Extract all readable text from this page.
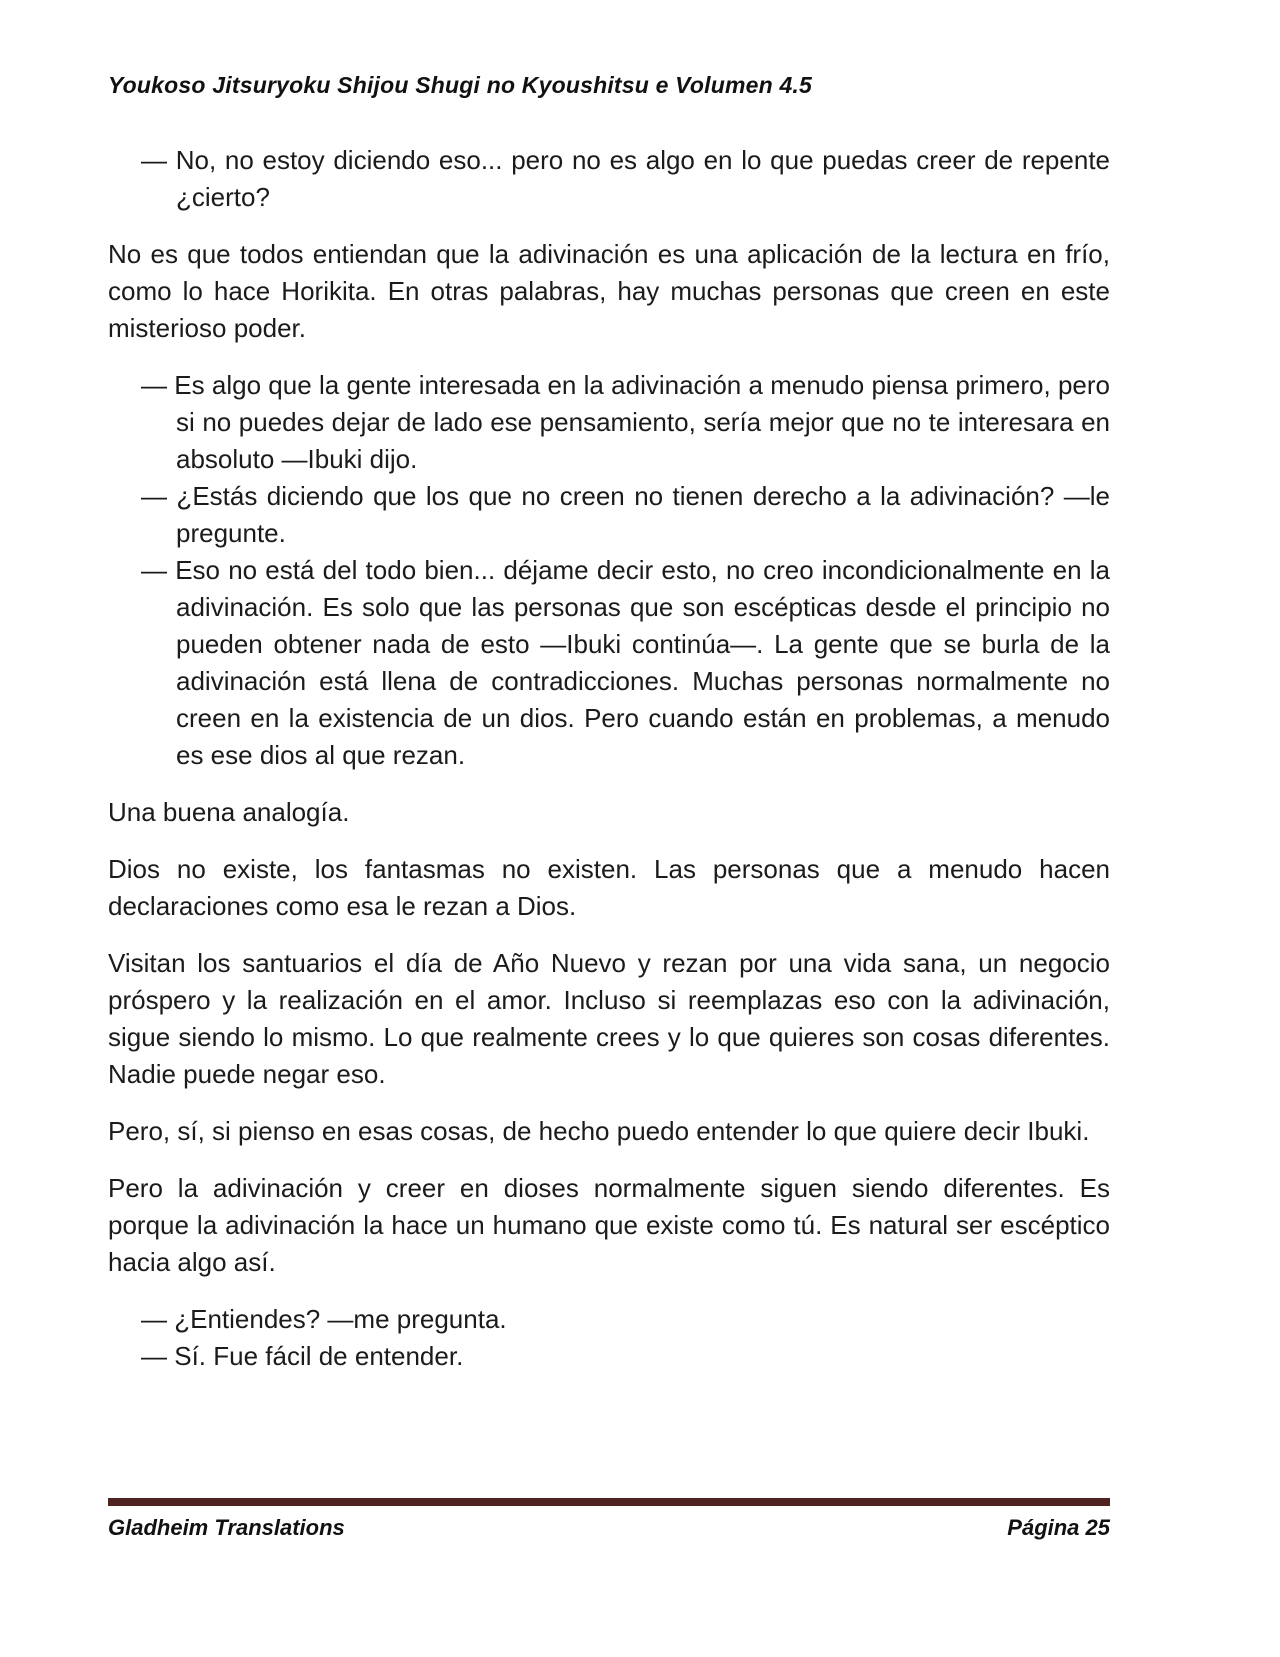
Youkoso Jitsuryoku Shijou Shugi no Kyoushitsu e Volumen 4.5

— No, no estoy diciendo eso... pero no es algo en lo que puedas creer de repente ¿cierto?

No es que todos entiendan que la adivinación es una aplicación de la lectura en frío, como lo hace Horikita. En otras palabras, hay muchas personas que creen en este misterioso poder.

— Es algo que la gente interesada en la adivinación a menudo piensa primero, pero si no puedes dejar de lado ese pensamiento, sería mejor que no te interesara en absoluto —Ibuki dijo.

— ¿Estás diciendo que los que no creen no tienen derecho a la adivinación? —le pregunte.

— Eso no está del todo bien... déjame decir esto, no creo incondicionalmente en la adivinación. Es solo que las personas que son escépticas desde el principio no pueden obtener nada de esto —Ibuki continúa—. La gente que se burla de la adivinación está llena de contradicciones. Muchas personas normalmente no creen en la existencia de un dios. Pero cuando están en problemas, a menudo es ese dios al que rezan.

Una buena analogía.

Dios no existe, los fantasmas no existen. Las personas que a menudo hacen declaraciones como esa le rezan a Dios.

Visitan los santuarios el día de Año Nuevo y rezan por una vida sana, un negocio próspero y la realización en el amor. Incluso si reemplazas eso con la adivinación, sigue siendo lo mismo. Lo que realmente crees y lo que quieres son cosas diferentes. Nadie puede negar eso.

Pero, sí, si pienso en esas cosas, de hecho puedo entender lo que quiere decir Ibuki.

Pero la adivinación y creer en dioses normalmente siguen siendo diferentes. Es porque la adivinación la hace un humano que existe como tú. Es natural ser escéptico hacia algo así.

— ¿Entiendes? —me pregunta.

— Sí. Fue fácil de entender.

Gladheim Translations	Página 25
